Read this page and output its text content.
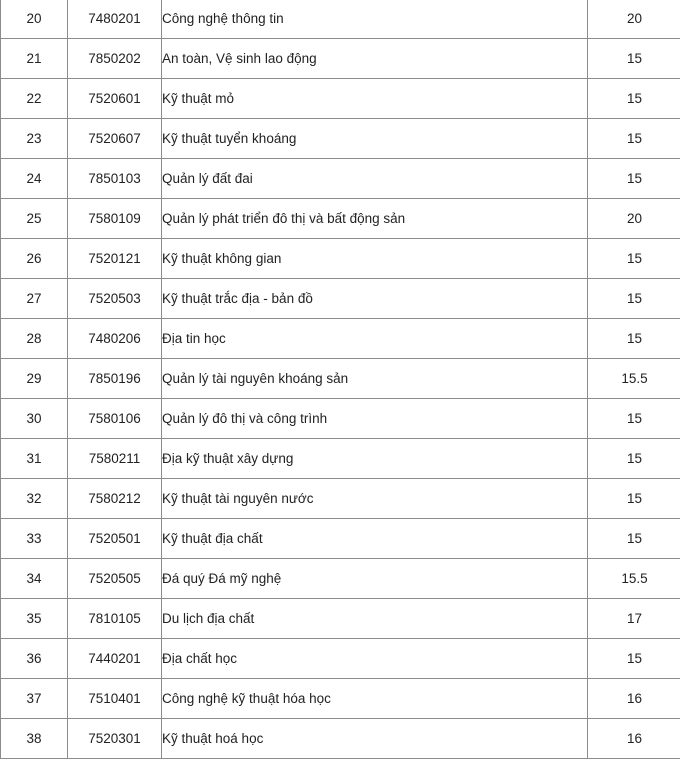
20	7480201	Công nghệ thông tin	20
21	7850202	An toàn, Vệ sinh lao động	15
22	7520601	Kỹ thuật mỏ	15
23	7520607	Kỹ thuật tuyển khoáng	15
24	7850103	Quản lý đất đai	15
25	7580109	Quản lý phát triển đô thị và bất động sản	20
26	7520121	Kỹ thuật không gian	15
27	7520503	Kỹ thuật trắc địa - bản đồ	15
28	7480206	Địa tin học	15
29	7850196	Quản lý tài nguyên khoáng sản	15.5
30	7580106	Quản lý đô thị và công trình	15
31	7580211	Địa kỹ thuật xây dựng	15
32	7580212	Kỹ thuật tài nguyên nước	15
33	7520501	Kỹ thuật địa chất	15
34	7520505	Đá quý Đá mỹ nghệ	15.5
35	7810105	Du lịch địa chất	17
36	7440201	Địa chất học	15
37	7510401	Công nghệ kỹ thuật hóa học	16
38	7520301	Kỹ thuật hoá học	16
